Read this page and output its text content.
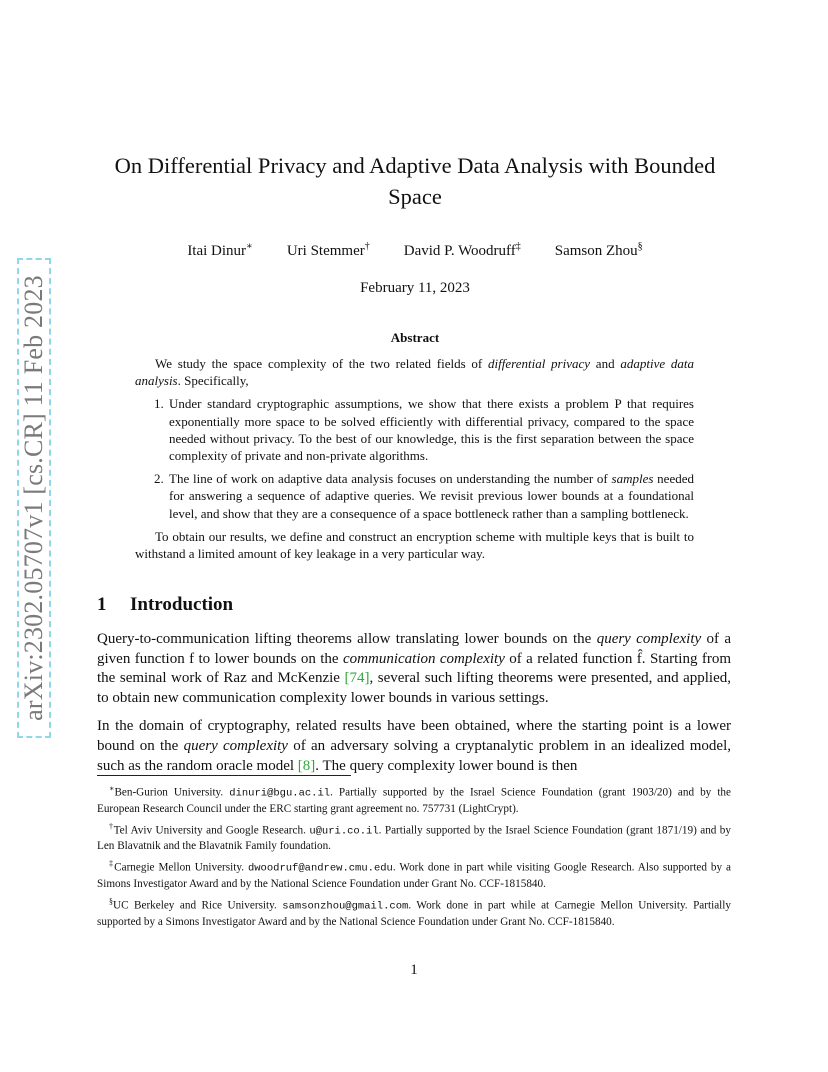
arXiv:2302.05707v1 [cs.CR] 11 Feb 2023
On Differential Privacy and Adaptive Data Analysis with Bounded Space
Itai Dinur∗ Uri Stemmer† David P. Woodruff‡ Samson Zhou§
February 11, 2023
Abstract

We study the space complexity of the two related fields of differential privacy and adaptive data analysis. Specifically,

1. Under standard cryptographic assumptions, we show that there exists a problem P that requires exponentially more space to be solved efficiently with differential privacy, compared to the space needed without privacy. To the best of our knowledge, this is the first separation between the space complexity of private and non-private algorithms.
2. The line of work on adaptive data analysis focuses on understanding the number of samples needed for answering a sequence of adaptive queries. We revisit previous lower bounds at a foundational level, and show that they are a consequence of a space bottleneck rather than a sampling bottleneck.

To obtain our results, we define and construct an encryption scheme with multiple keys that is built to withstand a limited amount of key leakage in a very particular way.

1 Introduction

Query-to-communication lifting theorems allow translating lower bounds on the query complexity of a given function f to lower bounds on the communication complexity of a related function f̂. Starting from the seminal work of Raz and McKenzie [74], several such lifting theorems were presented, and applied, to obtain new communication complexity lower bounds in various settings.

In the domain of cryptography, related results have been obtained, where the starting point is a lower bound on the query complexity of an adversary solving a cryptanalytic problem in an idealized model, such as the random oracle model [8]. The query complexity lower bound is then

∗Ben-Gurion University. dinuri@bgu.ac.il. Partially supported by the Israel Science Foundation (grant 1903/20) and by the European Research Council under the ERC starting grant agreement no. 757731 (LightCrypt).

†Tel Aviv University and Google Research. u@uri.co.il. Partially supported by the Israel Science Foundation (grant 1871/19) and by Len Blavatnik and the Blavatnik Family foundation.

‡Carnegie Mellon University. dwoodruf@andrew.cmu.edu. Work done in part while visiting Google Research. Also supported by a Simons Investigator Award and by the National Science Foundation under Grant No. CCF-1815840.

§UC Berkeley and Rice University. samsonzhou@gmail.com. Work done in part while at Carnegie Mellon University. Partially supported by a Simons Investigator Award and by the National Science Foundation under Grant No. CCF-1815840.

1
